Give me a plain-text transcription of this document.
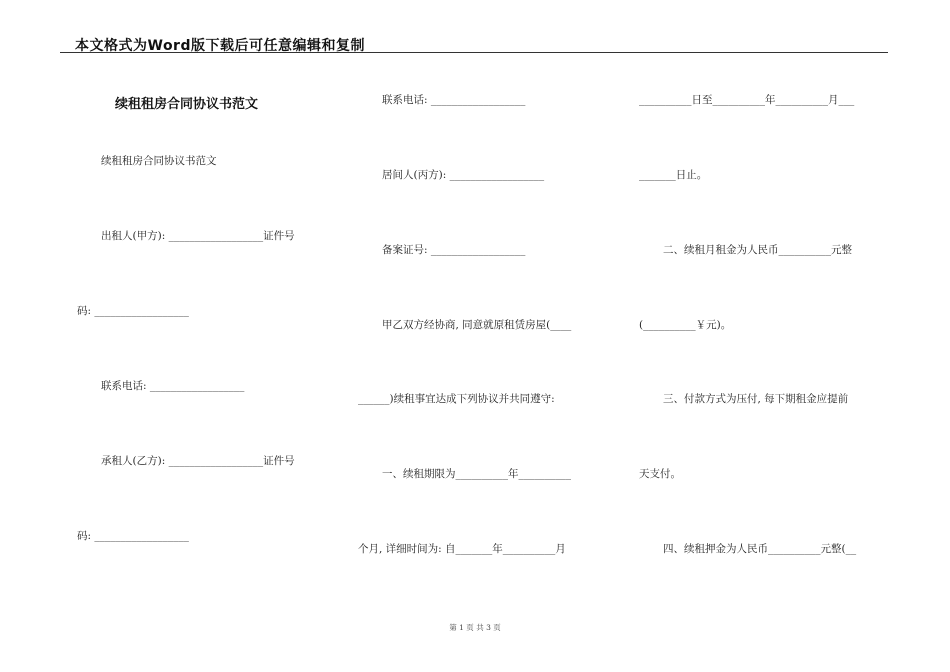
本文格式为Word版下载后可任意编辑和复制
续租租房合同协议书范文
续租租房合同协议书范文
出租人(甲方): __________________证件号
码: __________________
联系电话: __________________
承租人(乙方): __________________证件号
码: __________________
联系电话: __________________
居间人(丙方): __________________
备案证号: __________________
甲乙双方经协商, 同意就原租赁房屋(____
______)续租事宜达成下列协议并共同遵守:
一、续租期限为__________年__________
个月, 详细时间为: 自_______年__________月
__________日至__________年__________月___
_______日止。
二、续租月租金为人民币__________元整
(__________￥元)。
三、付款方式为压付, 每下期租金应提前
天支付。
四、续租押金为人民币__________元整(__
第 1 页 共 3 页
